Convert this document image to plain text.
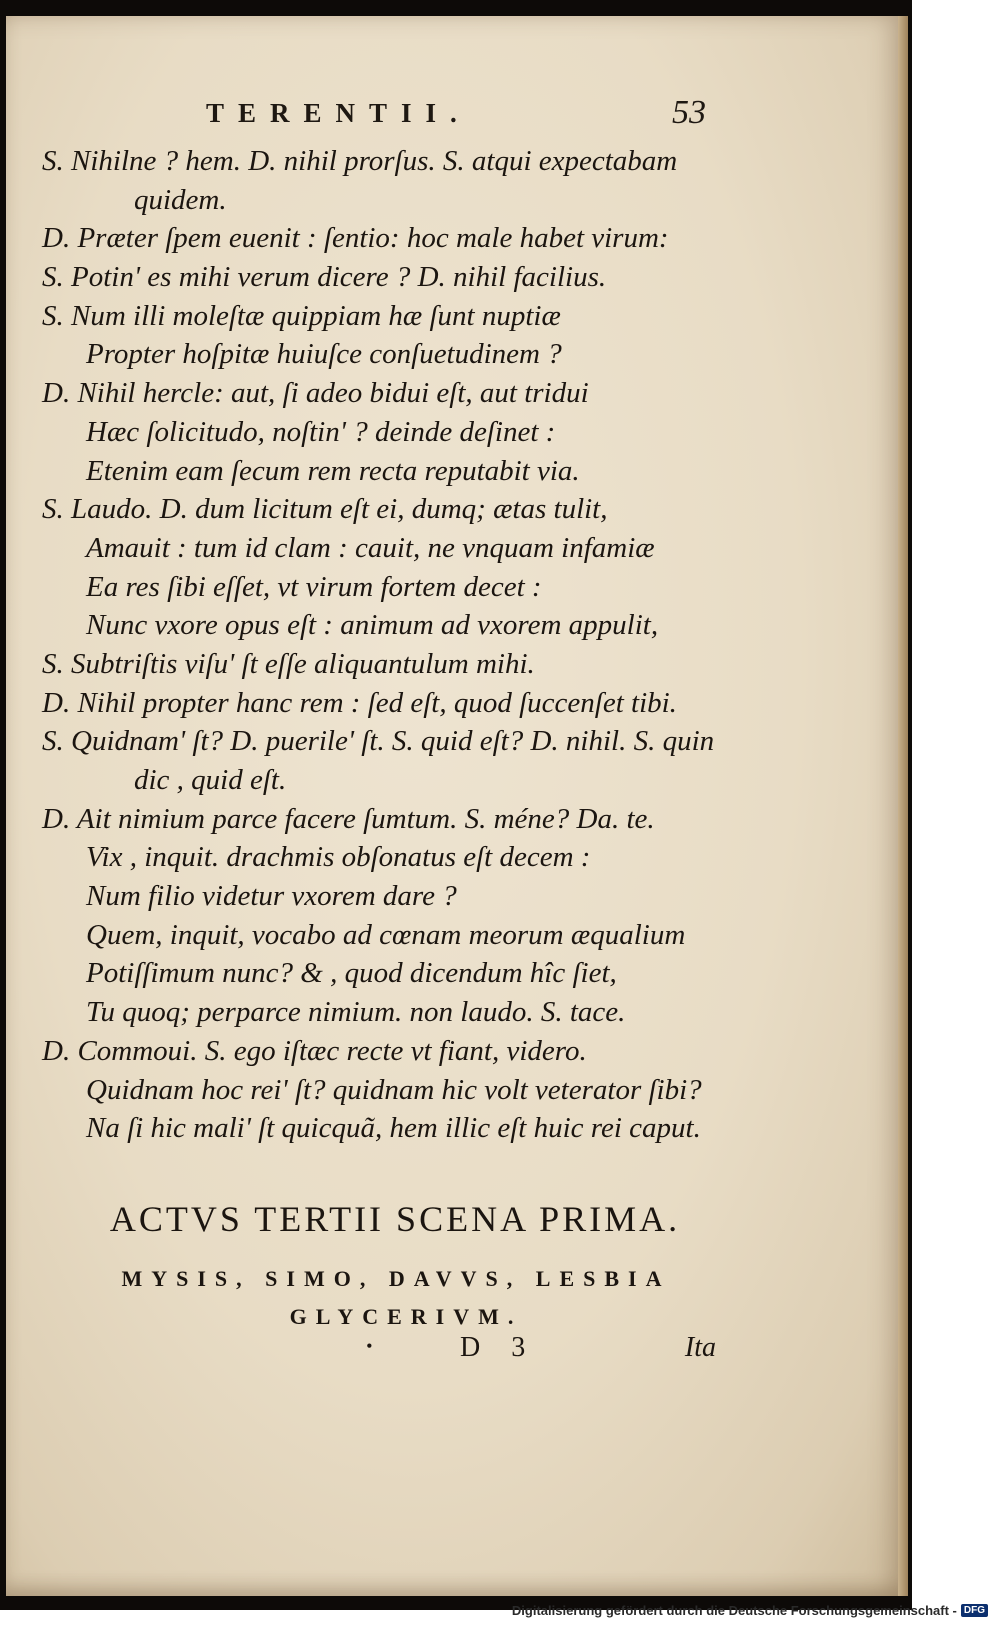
TERENTII.	53
S. Nihilne ? hem. D. nihil prorſus. S. atqui expectabam
quidem.
D. Præter ſpem euenit : ſentio: hoc male habet virum:
S. Potin' es mihi verum dicere ? D. nihil facilius.
S. Num illi moleſtæ quippiam hæ ſunt nuptiæ
Propter hoſpitæ huiuſce conſuetudinem ?
D. Nihil hercle: aut, ſi adeo bidui eſt, aut tridui
Hæc ſolicitudo, noſtin' ? deinde deſinet :
Etenim eam ſecum rem recta reputabit via.
S. Laudo. D. dum licitum eſt ei, dumq; ætas tulit,
Amauit : tum id clam : cauit, ne vnquam infamiæ
Ea res ſibi eſſet, vt virum fortem decet :
Nunc vxore opus eſt : animum ad vxorem appulit,
S. Subtriſtis viſu' ſt eſſe aliquantulum mihi.
D. Nihil propter hanc rem : ſed eſt, quod ſuccenſet tibi.
S. Quidnam' ſt? D. puerile' ſt. S. quid eſt? D. nihil. S. quin
dic , quid eſt.
D. Ait nimium parce facere ſumtum. S. méne? Da. te.
Vix , inquit. drachmis obſonatus eſt decem :
Num filio videtur vxorem dare ?
Quem, inquit, vocabo ad cœnam meorum æqualium
Potiſſimum nunc? & , quod dicendum hîc ſiet,
Tu quoq; perparce nimium. non laudo. S. tace.
D. Commoui. S. ego iſtæc recte vt fiant, videro.
Quidnam hoc rei' ſt? quidnam hic volt veterator ſibi?
Na ſi hic mali' ſt quicquã, hem illic eſt huic rei caput.
ACTVS TERTII SCENA PRIMA.
MYSIS, SIMO, DAVVS, LESBIA
GLYCERIVM.
•	D 3	Ita
Digitalisierung gefördert durch die Deutsche Forschungsgemeinschaft - DFG
